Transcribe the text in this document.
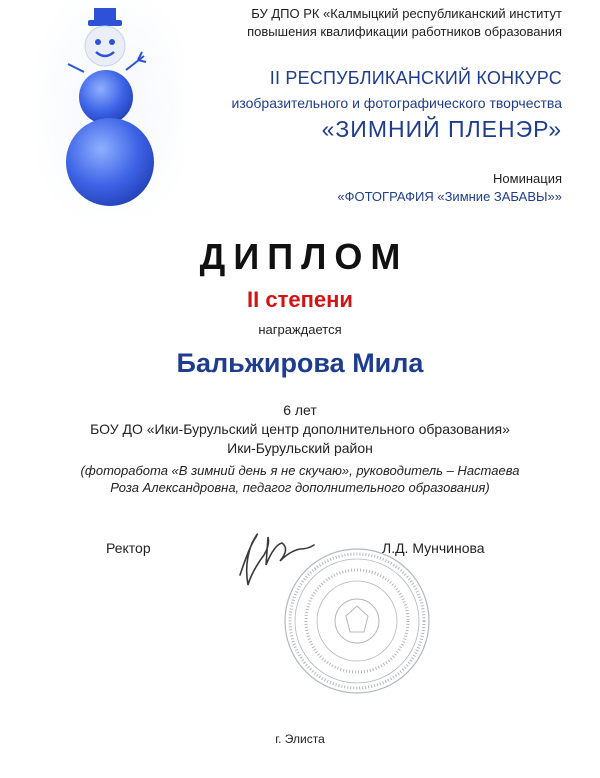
БУ ДПО РК «Калмыцкий республиканский институт
повышения квалификации работников образования
II РЕСПУБЛИКАНСКИЙ КОНКУРС
изобразительного и фотографического творчества
«ЗИМНИЙ ПЛЕНЭР»
Номинация
«ФОТОГРАФИЯ «Зимние ЗАБАВЫ»»
ДИПЛОМ
II степени
награждается
Бальжирова Мила
6 лет
БОУ ДО «Ики-Бурульский центр дополнительного образования»
Ики-Бурульский район
(фоторабота «В зимний день я не скучаю», руководитель – Настаева
Роза Александровна, педагог дополнительного образования)
Ректор	Л.Д. Мунчинова
г. Элиста
